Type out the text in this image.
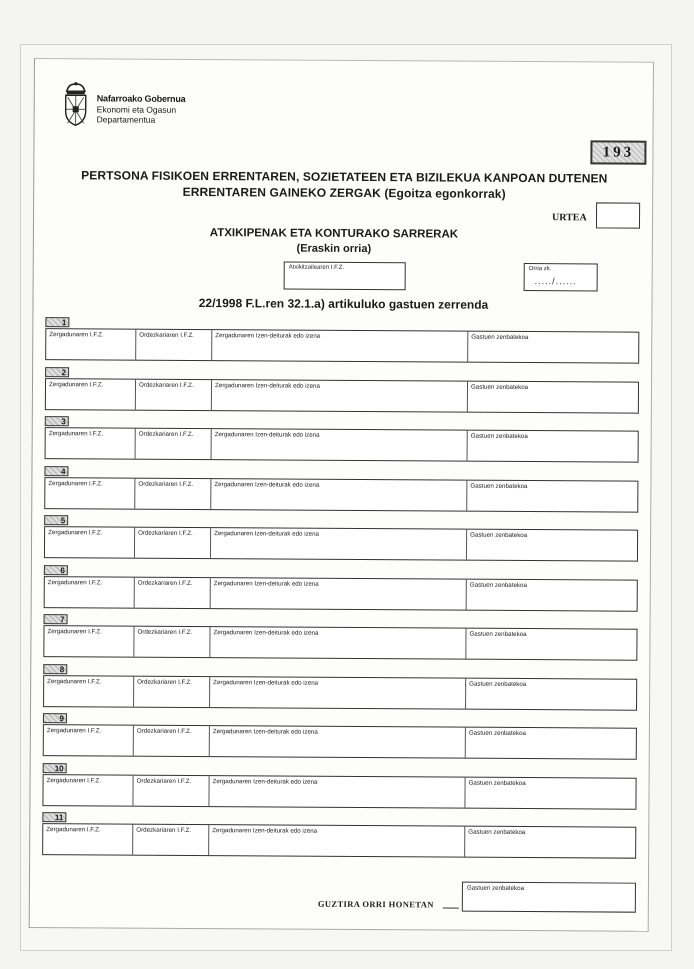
Nafarroako Gobernua
Ekonomi eta Ogasun
Departamentua
193
PERTSONA FISIKOEN ERRENTAREN, SOZIETATEEN ETA BIZILEKUA KANPOAN DUTENEN
ERRENTAREN GAINEKO ZERGAK (Egoitza egonkorrak)
URTEA
ATXIKIPENAK ETA KONTURAKO SARRERAK
(Eraskin orria)
Atxikitzailearen I.F.Z.	Orria zk.
...../......
22/1998 F.L.ren 32.1.a) artikuluko gastuen zerrenda
1
Zergadunaren I.F.Z.	Ordezkariaren I.F.Z.	Zergadunaren Izen-deiturak edo izena	Gastuen zenbatekoa
2
Zergadunaren I.F.Z.	Ordezkariaren I.F.Z.	Zergadunaren Izen-deiturak edo izena	Gastuen zenbatekoa
3
Zergadunaren I.F.Z.	Ordezkariaren I.F.Z.	Zergadunaren Izen-deiturak edo izena	Gastuen zenbatekoa
4
Zergadunaren I.F.Z.	Ordezkariaren I.F.Z.	Zergadunaren Izen-deiturak edo izena	Gastuen zenbatekoa
5
Zergadunaren I.F.Z.	Ordezkariaren I.F.Z.	Zergadunaren Izen-deiturak edo izena	Gastuen zenbatekoa
6
Zergadunaren I.F.Z.	Ordezkariaren I.F.Z.	Zergadunaren Izen-deiturak edo izena	Gastuen zenbatekoa
7
Zergadunaren I.F.Z.	Ordezkariaren I.F.Z.	Zergadunaren Izen-deiturak edo izena	Gastuen zenbatekoa
8
Zergadunaren I.F.Z.	Ordezkariaren I.F.Z.	Zergadunaren Izen-deiturak edo izena	Gastuen zenbatekoa
9
Zergadunaren I.F.Z.	Ordezkariaren I.F.Z.	Zergadunaren Izen-deiturak edo izena	Gastuen zenbatekoa
10
Zergadunaren I.F.Z.	Ordezkariaren I.F.Z.	Zergadunaren Izen-deiturak edo izena	Gastuen zenbatekoa
11
Zergadunaren I.F.Z.	Ordezkariaren I.F.Z.	Zergadunaren Izen-deiturak edo izena	Gastuen zenbatekoa
GUZTIRA ORRI HONETAN
Gastuen zenbatekoa
